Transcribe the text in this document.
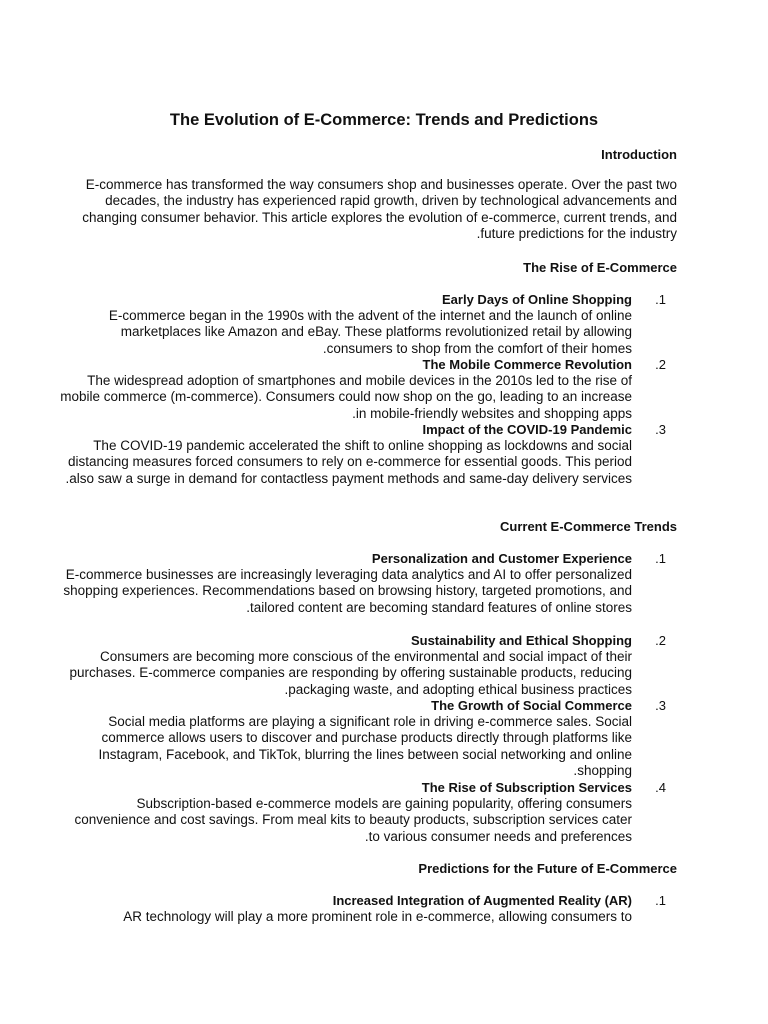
The Evolution of E-Commerce: Trends and Predictions
Introduction

E-commerce has transformed the way consumers shop and businesses operate. Over the past two decades, the industry has experienced rapid growth, driven by technological advancements and changing consumer behavior. This article explores the evolution of e-commerce, current trends, and future predictions for the industry.

The Rise of E-Commerce
Early Days of Online Shopping 1.

E-commerce began in the 1990s with the advent of the internet and the launch of online marketplaces like Amazon and eBay. These platforms revolutionized retail by allowing consumers to shop from the comfort of their homes.

The Mobile Commerce Revolution 2.

The widespread adoption of smartphones and mobile devices in the 2010s led to the rise of mobile commerce (m-commerce). Consumers could now shop on the go, leading to an increase in mobile-friendly websites and shopping apps.

Impact of the COVID-19 Pandemic 3.

The COVID-19 pandemic accelerated the shift to online shopping as lockdowns and social distancing measures forced consumers to rely on e-commerce for essential goods. This period also saw a surge in demand for contactless payment methods and same-day delivery services.

Current E-Commerce Trends
Personalization and Customer Experience 1.

E-commerce businesses are increasingly leveraging data analytics and AI to offer personalized shopping experiences. Recommendations based on browsing history, targeted promotions, and tailored content are becoming standard features of online stores.

Sustainability and Ethical Shopping 2.

Consumers are becoming more conscious of the environmental and social impact of their purchases. E-commerce companies are responding by offering sustainable products, reducing packaging waste, and adopting ethical business practices.

The Growth of Social Commerce 3.

Social media platforms are playing a significant role in driving e-commerce sales. Social commerce allows users to discover and purchase products directly through platforms like Instagram, Facebook, and TikTok, blurring the lines between social networking and online shopping.

The Rise of Subscription Services 4.

Subscription-based e-commerce models are gaining popularity, offering consumers convenience and cost savings. From meal kits to beauty products, subscription services cater to various consumer needs and preferences.

Predictions for the Future of E-Commerce
Increased Integration of Augmented Reality (AR) 1.

AR technology will play a more prominent role in e-commerce, allowing consumers to
